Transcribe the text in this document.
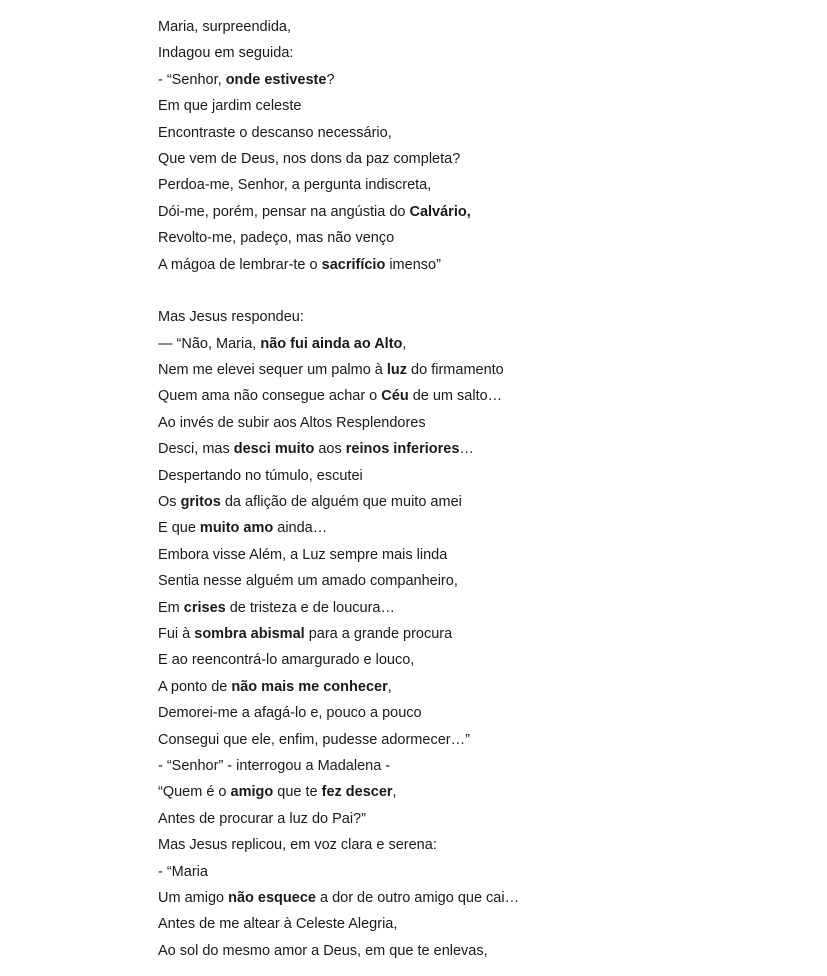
Maria, surpreendida,
Indagou em seguida:
- “Senhor, onde estiveste?
Em que jardim celeste
Encontraste o descanso necessário,
Que vem de Deus, nos dons da paz completa?
Perdoa-me, Senhor, a pergunta indiscreta,
Dói-me, porém, pensar na angústia do Calvário,
Revolto-me, padeço, mas não venço
A mágoa de lembrar-te o sacrifício imenso”
Mas Jesus respondeu:
— “Não, Maria, não fui ainda ao Alto,
Nem me elevei sequer um palmo à luz do firmamento
Quem ama não consegue achar o Céu de um salto…
Ao invés de subir aos Altos Resplendores
Desci, mas desci muito aos reinos inferiores…
Despertando no túmulo, escutei
Os gritos da aflição de alguém que muito amei
E que muito amo ainda…
Embora visse Além, a Luz sempre mais linda
Sentia nesse alguém um amado companheiro,
Em crises de tristeza e de loucura…
Fui à sombra abismal para a grande procura
E ao reencontrá-lo amargurado e louco,
A ponto de não mais me conhecer,
Demorei-me a afagá-lo e, pouco a pouco
Consegui que ele, enfim, pudesse adormecer…”
- “Senhor” - interrogou a Madalena -
“Quem é o amigo que te fez descer,
Antes de procurar a luz do Pai?”
Mas Jesus replicou, em voz clara e serena:
- “Maria
Um amigo não esquece a dor de outro amigo que cai…
Antes de me altear à Celeste Alegria,
Ao sol do mesmo amor a Deus, em que te enlevas,
